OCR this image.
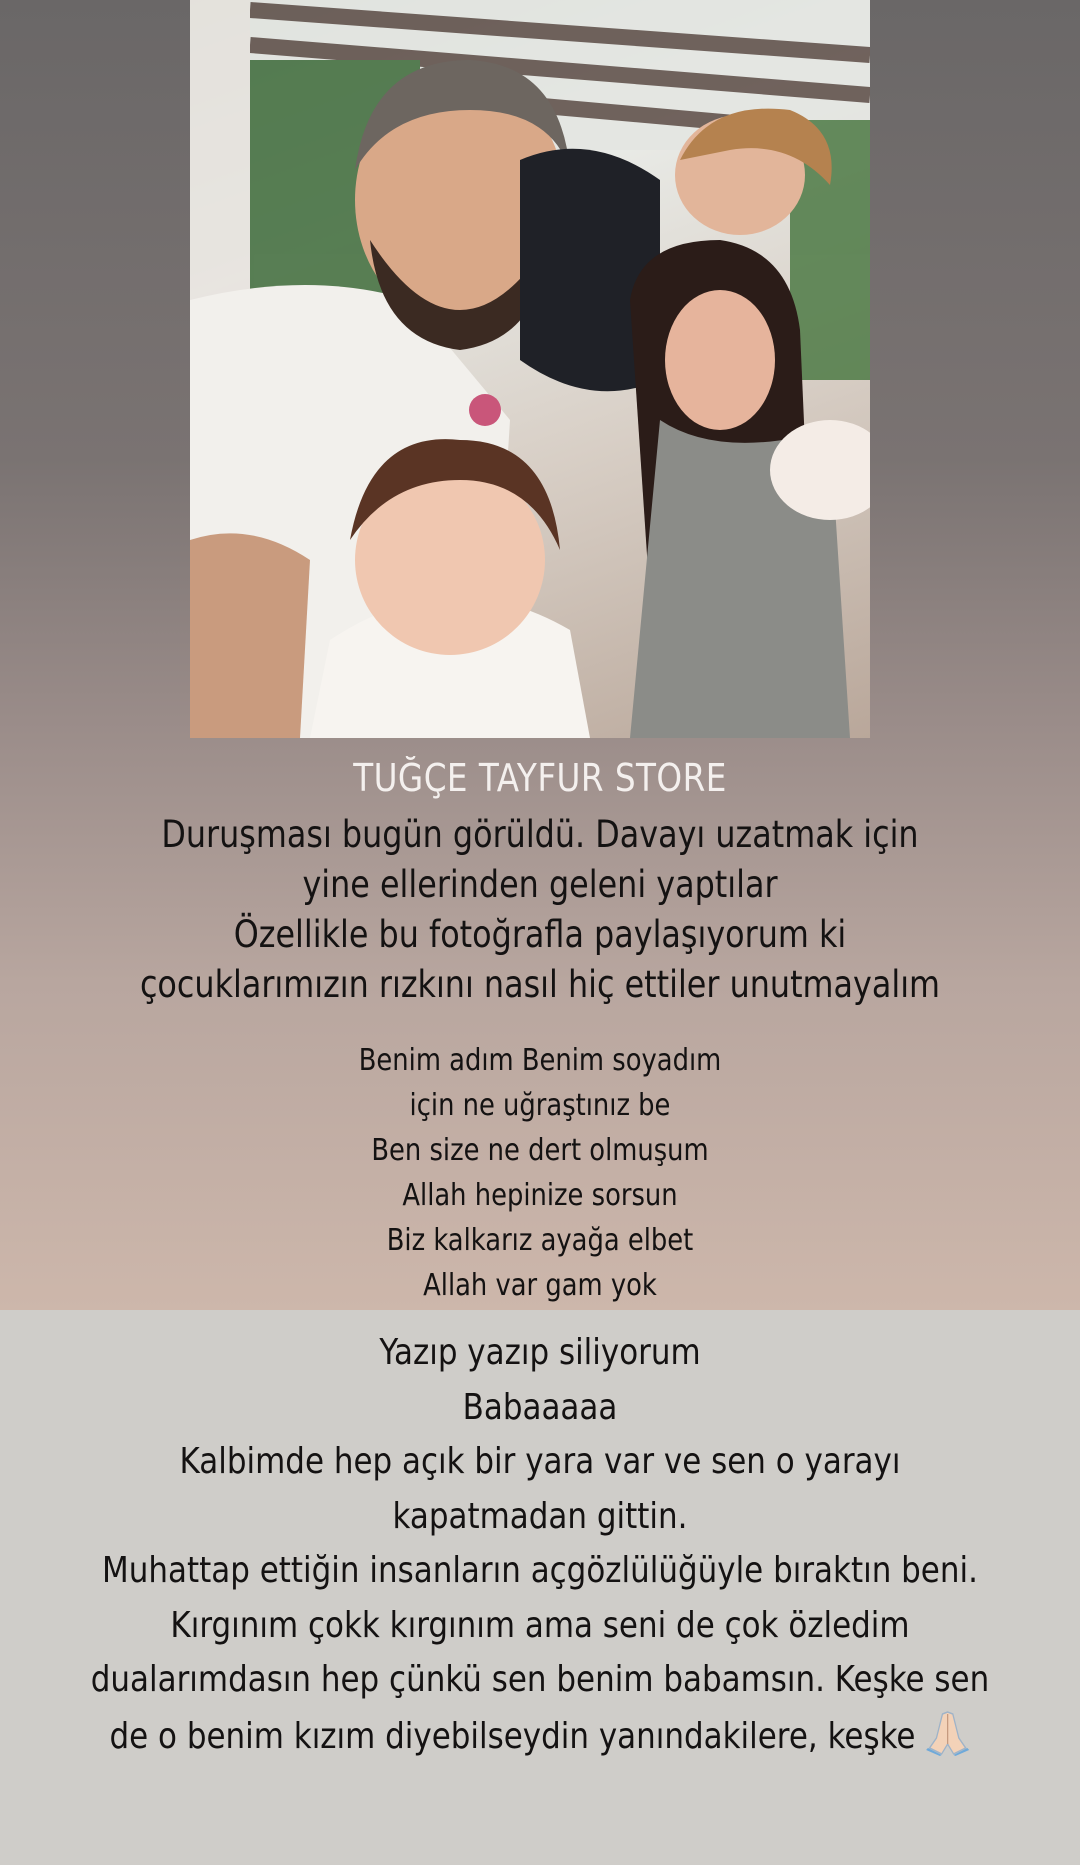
TUĞÇE TAYFUR STORE
Duruşması bugün görüldü. Davayı uzatmak için
yine ellerinden geleni yaptılar
Özellikle bu fotoğrafla paylaşıyorum ki
çocuklarımızın rızkını nasıl hiç ettiler unutmayalım
Benim adım Benim soyadım
için ne uğraştınız be
Ben size ne dert olmuşum
Allah hepinize sorsun
Biz kalkarız ayağa elbet
Allah var gam yok
Yazıp yazıp siliyorum
Babaaaaa
Kalbimde hep açık bir yara var ve sen o yarayı
kapatmadan gittin.
Muhattap ettiğin insanların açgözlülüğüyle bıraktın beni.
Kırgınım çokk kırgınım ama seni de çok özledim
dualarımdasın hep çünkü sen benim babamsın. Keşke sen
de o benim kızım diyebilseydin yanındakilere, keşke
